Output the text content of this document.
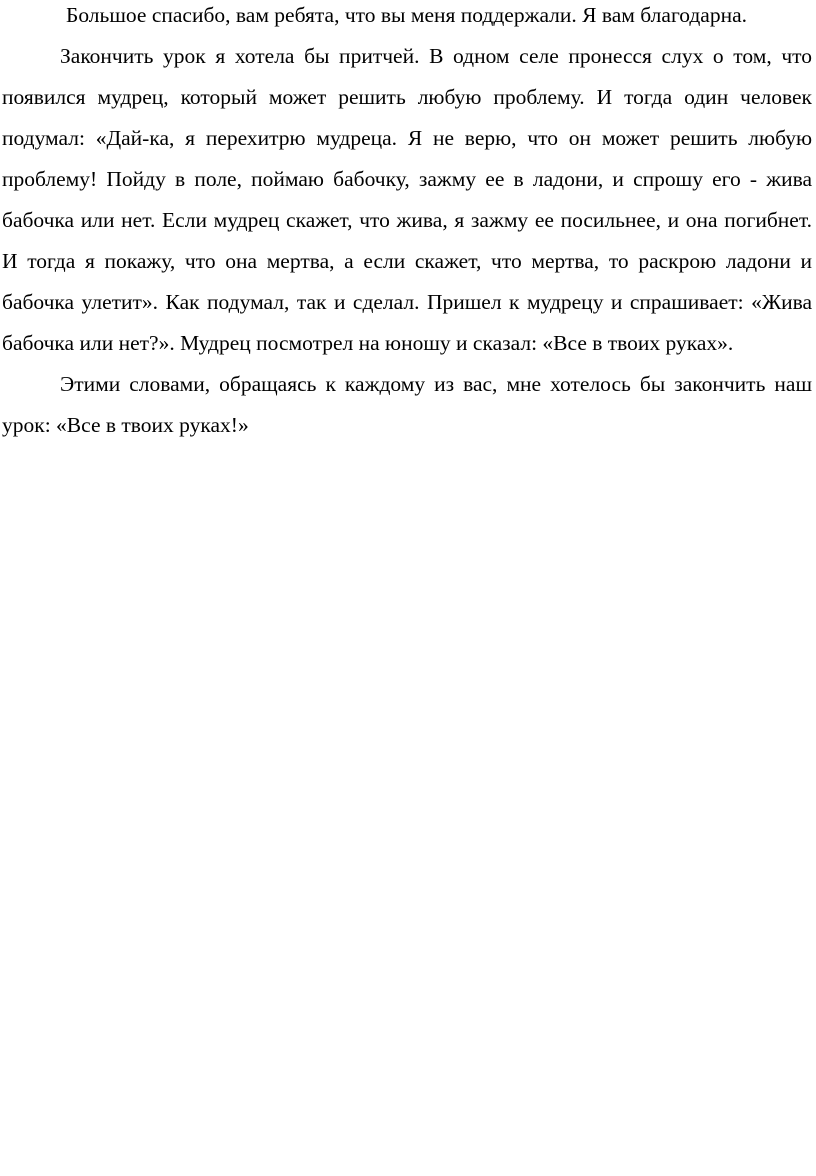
Большое спасибо, вам ребята, что вы меня поддержали. Я вам благодарна.

Закончить урок я хотела бы притчей. В одном селе пронесся слух о том, что появился мудрец, который может решить любую проблему. И тогда один человек подумал: «Дай-ка, я перехитрю мудреца. Я не верю, что он может решить любую проблему! Пойду в поле, поймаю бабочку, зажму ее в ладони, и спрошу его - жива бабочка или нет. Если мудрец скажет, что жива, я зажму ее посильнее, и она погибнет. И тогда я покажу, что она мертва, а если скажет, что мертва, то раскрою ладони и бабочка улетит». Как подумал, так и сделал. Пришел к мудрецу и спрашивает: «Жива бабочка или нет?». Мудрец посмотрел на юношу и сказал: «Все в твоих руках».

Этими словами, обращаясь к каждому из вас, мне хотелось бы закончить наш урок: «Все в твоих руках!»
